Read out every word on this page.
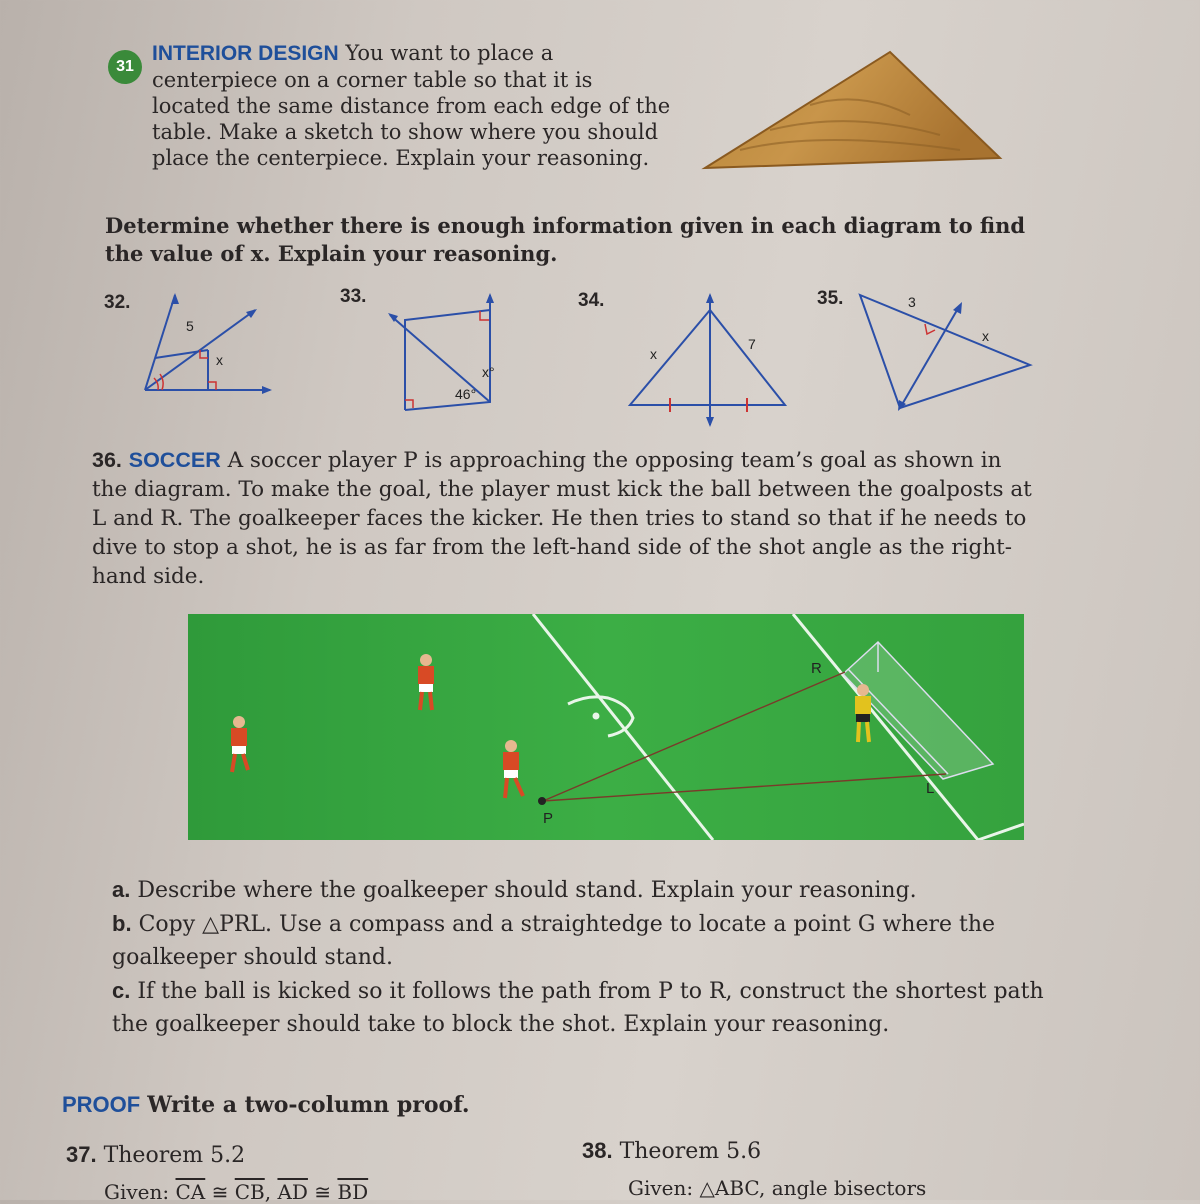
31
INTERIOR DESIGN You want to place a centerpiece on a corner table so that it is located the same distance from each edge of the table. Make a sketch to show where you should place the centerpiece. Explain your reasoning.
Determine whether there is enough information given in each diagram to find the value of x. Explain your reasoning.
32.	33.	34.	35.
5
x
46°
x°
x
7
3
x
36. SOCCER A soccer player P is approaching the opposing team’s goal as shown in the diagram. To make the goal, the player must kick the ball between the goalposts at L and R. The goalkeeper faces the kicker. He then tries to stand so that if he needs to dive to stop a shot, he is as far from the left-hand side of the shot angle as the right-hand side.
R
L
P
a. Describe where the goalkeeper should stand. Explain your reasoning.
b. Copy △PRL. Use a compass and a straightedge to locate a point G where the goalkeeper should stand.
c. If the ball is kicked so it follows the path from P to R, construct the shortest path the goalkeeper should take to block the shot. Explain your reasoning.
PROOF Write a two-column proof.
37. Theorem 5.2
Given: $\overline{CA}$ ≅ $\overline{CB}$, $\overline{AD}$ ≅ $\overline{BD}$
38. Theorem 5.6
Given: △ABC, angle bisectors
